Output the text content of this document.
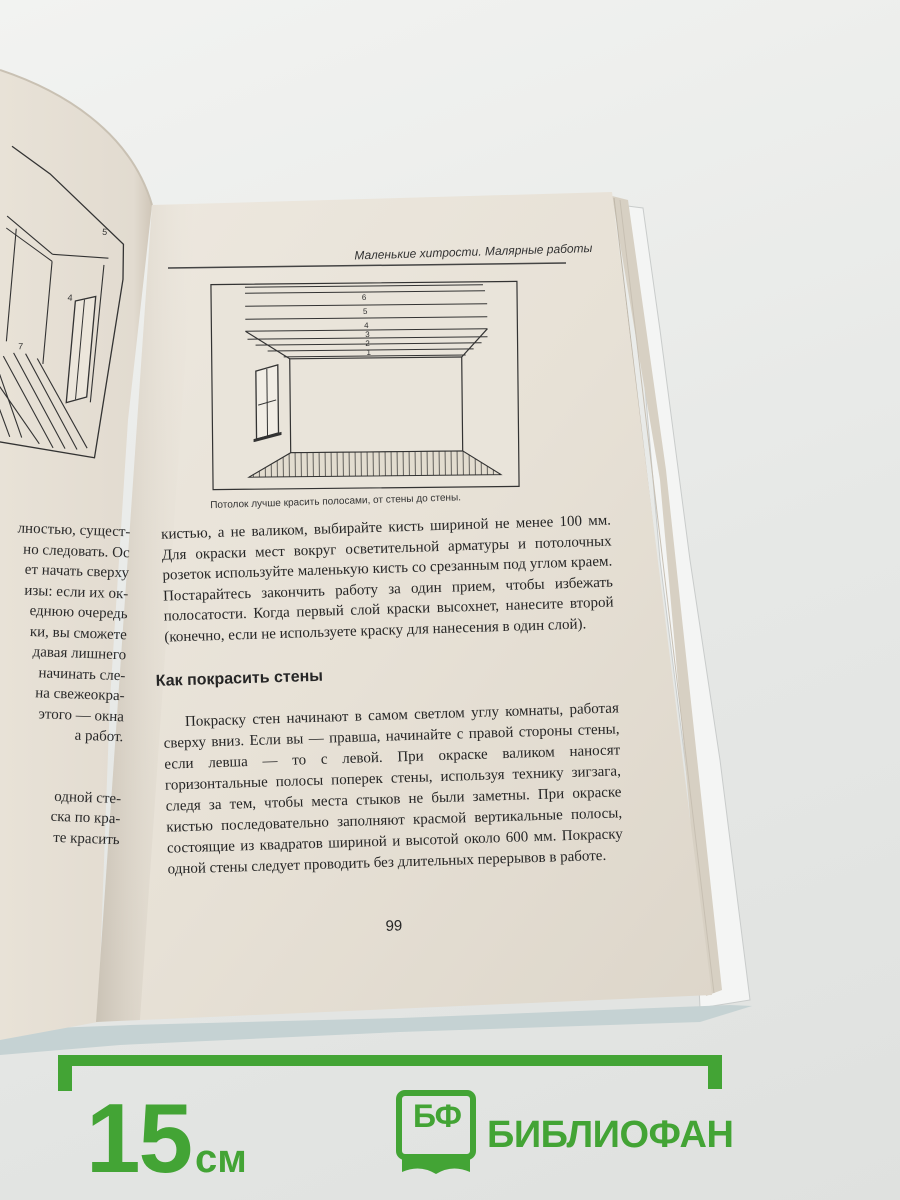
6
5
4
3
2
1
5
4
7
лностью, сущест-
но следовать. Ос
ет начать сверху
изы: если их ок-
еднюю очередь
ки, вы сможете
давая лишнего
начинать сле-
на свежеокра-
этого — окна
а работ.
одной сте-
ска по кра-
те красить
Маленькие хитрости. Малярные работы
Потолок лучше красить полосами, от стены до стены.

кистью, а не валиком, выбирайте кисть шириной не менее 100 мм. Для окраски мест вокруг осветительной арматуры и потолочных розеток используйте маленькую кисть со срезанным под углом краем. Постарайтесь закончить работу за один прием, чтобы избежать полосатости. Когда первый слой краски высохнет, нанесите второй (конечно, если не используете краску для нанесения в один слой).

Как покрасить стены

Покраску стен начинают в самом светлом углу комнаты, работая сверху вниз. Если вы — правша, начинайте с правой стороны стены, если левша — то с левой. При окраске валиком наносят горизонтальные полосы поперек стены, используя технику зигзага, следя за тем, чтобы места стыков не были заметны. При окраске кистью последовательно заполняют красмой вертикальные полосы, состоящие из квадратов шириной и высотой около 600 мм. Покраску одной стены следует проводить без длительных перерывов в работе.

99
15 см
БФ БИБЛИОФАН
